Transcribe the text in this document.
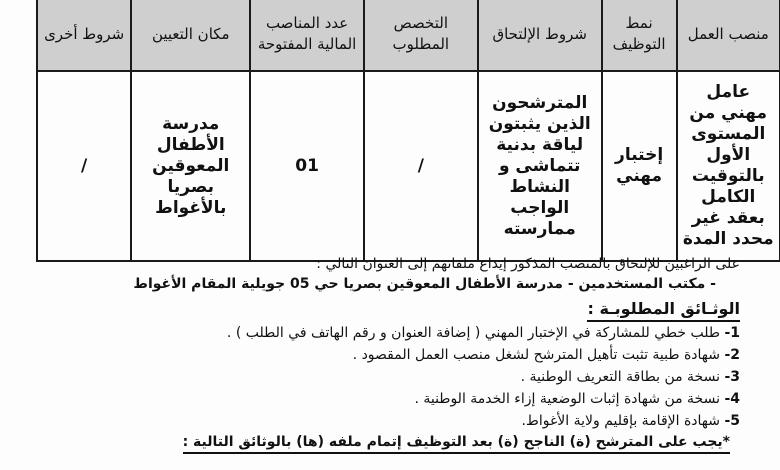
منصب العمل	نمط التوظيف	شروط الإلتحاق	التخصص المطلوب	عدد المناصب المالية المفتوحة	مكان التعيين	شروط أخرى
عامل مهني من المستوى الأول بالتوقيت الكامل بعقد غير محدد المدة	إختبار مهني	المترشحون الذين يثبتون لياقة بدنية تتماشى و النشاط الواجب ممارسته	/	01	مدرسة الأطفال المعوقين بصريا بالأغواط	/
على الراغبين للإلتحاق بالمنصب المذكور إيداع ملفاتهم إلى العنوان التالي :
- مكتب المستخدمين - مدرسة الأطفال المعوقين بصريا حي 05 جويلية المقام الأغواط
الوثـائق المطلوبـة :
1- طلب خطي للمشاركة في الإختبار المهني ( إضافة العنوان و رقم الهاتف في الطلب ) .
2- شهادة طبية تثبت تأهيل المترشح لشغل منصب العمل المقصود .
3- نسخة من بطاقة التعريف الوطنية .
4- نسخة من شهادة إثبات الوضعية إزاء الخدمة الوطنية .
5- شهادة الإقامة بإقليم ولاية الأغواط.
*يجب على المترشح (ة) الناجح (ة) بعد التوظيف إتمام ملفه (ها) بالوثائق التالية :
